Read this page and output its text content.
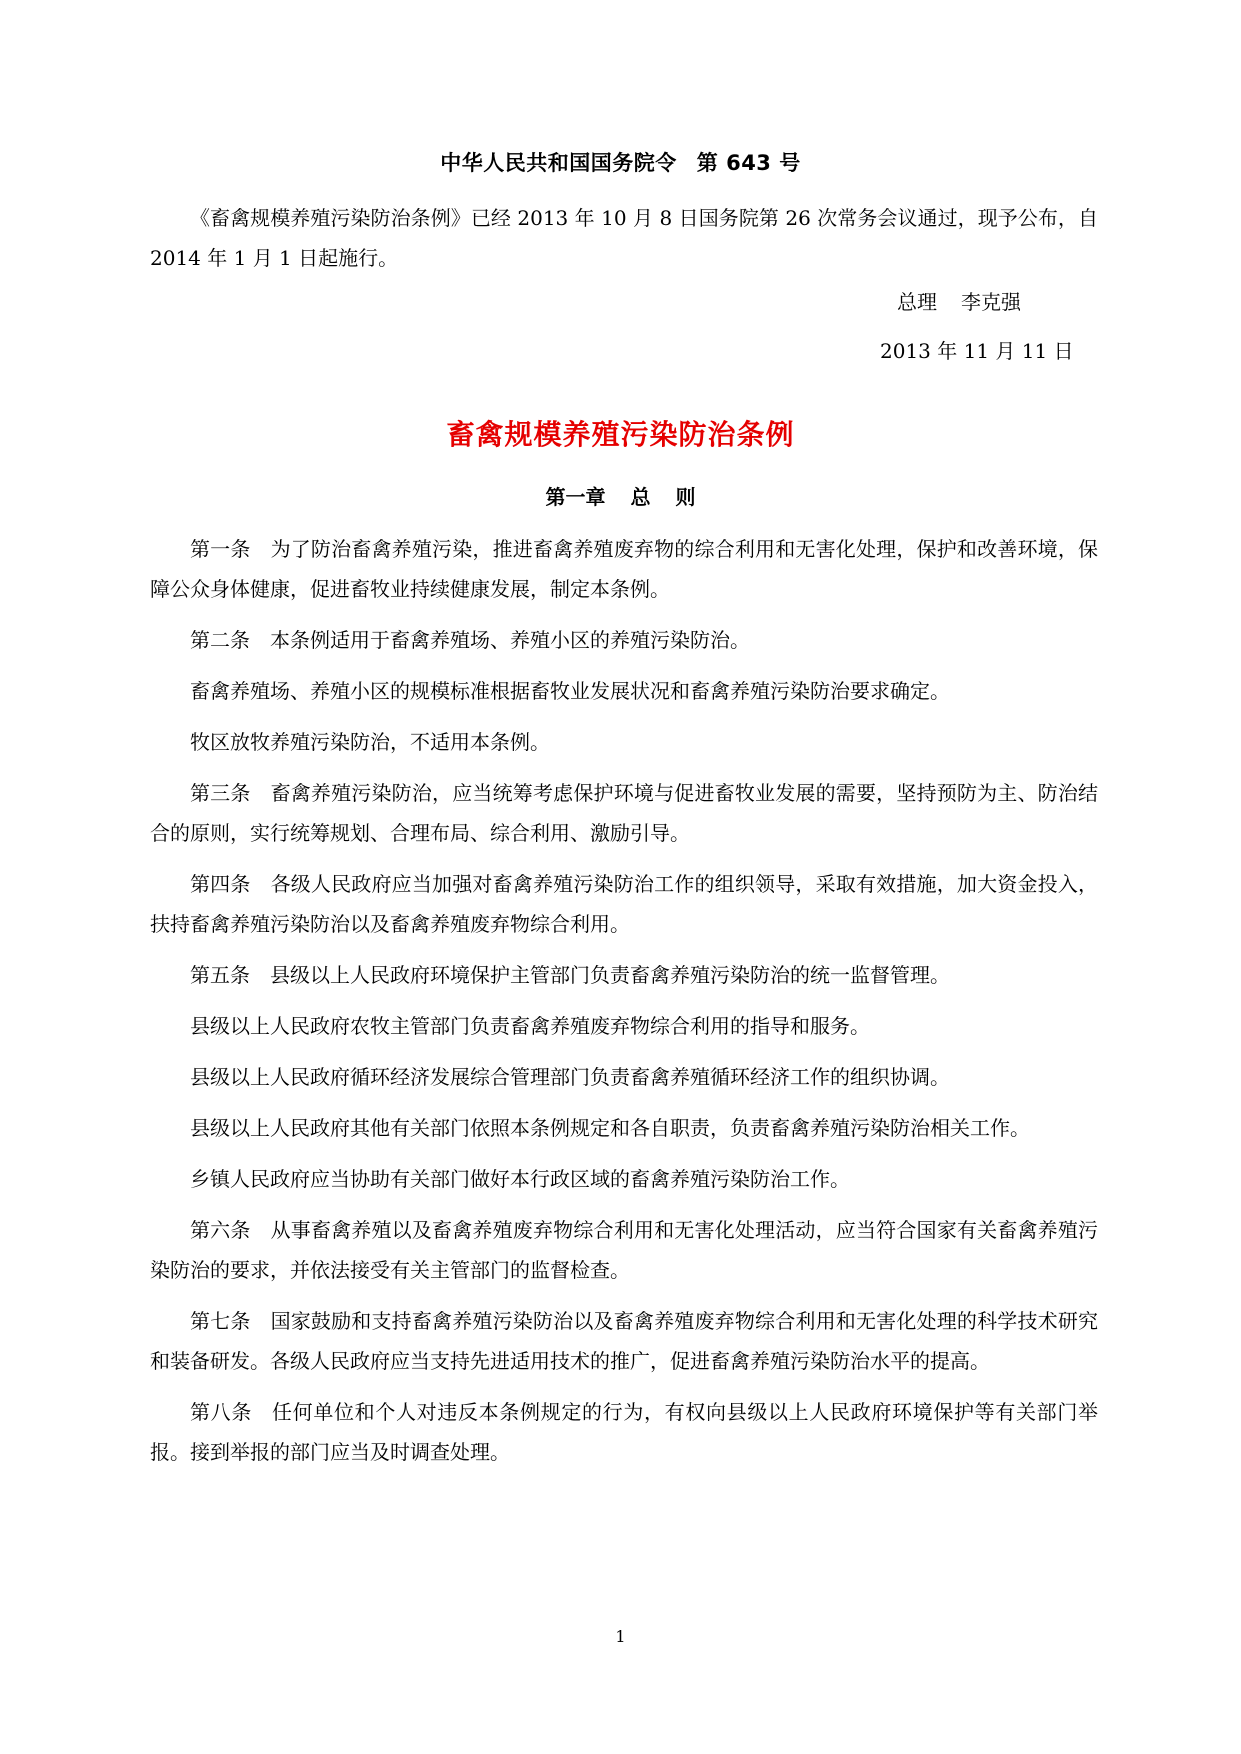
中华人民共和国国务院令 第 643 号
《畜禽规模养殖污染防治条例》已经 2013 年 10 月 8 日国务院第 26 次常务会议通过，现予公布，自 2014 年 1 月 1 日起施行。
总理 李克强
2013 年 11 月 11 日
畜禽规模养殖污染防治条例
第一章 总 则

第一条 为了防治畜禽养殖污染，推进畜禽养殖废弃物的综合利用和无害化处理，保护和改善环境，保障公众身体健康，促进畜牧业持续健康发展，制定本条例。

第二条 本条例适用于畜禽养殖场、养殖小区的养殖污染防治。

畜禽养殖场、养殖小区的规模标准根据畜牧业发展状况和畜禽养殖污染防治要求确定。

牧区放牧养殖污染防治，不适用本条例。

第三条 畜禽养殖污染防治，应当统筹考虑保护环境与促进畜牧业发展的需要，坚持预防为主、防治结合的原则，实行统筹规划、合理布局、综合利用、激励引导。

第四条 各级人民政府应当加强对畜禽养殖污染防治工作的组织领导，采取有效措施，加大资金投入，扶持畜禽养殖污染防治以及畜禽养殖废弃物综合利用。

第五条 县级以上人民政府环境保护主管部门负责畜禽养殖污染防治的统一监督管理。

县级以上人民政府农牧主管部门负责畜禽养殖废弃物综合利用的指导和服务。

县级以上人民政府循环经济发展综合管理部门负责畜禽养殖循环经济工作的组织协调。

县级以上人民政府其他有关部门依照本条例规定和各自职责，负责畜禽养殖污染防治相关工作。

乡镇人民政府应当协助有关部门做好本行政区域的畜禽养殖污染防治工作。

第六条 从事畜禽养殖以及畜禽养殖废弃物综合利用和无害化处理活动，应当符合国家有关畜禽养殖污染防治的要求，并依法接受有关主管部门的监督检查。

第七条 国家鼓励和支持畜禽养殖污染防治以及畜禽养殖废弃物综合利用和无害化处理的科学技术研究和装备研发。各级人民政府应当支持先进适用技术的推广，促进畜禽养殖污染防治水平的提高。

第八条 任何单位和个人对违反本条例规定的行为，有权向县级以上人民政府环境保护等有关部门举报。接到举报的部门应当及时调查处理。

1
